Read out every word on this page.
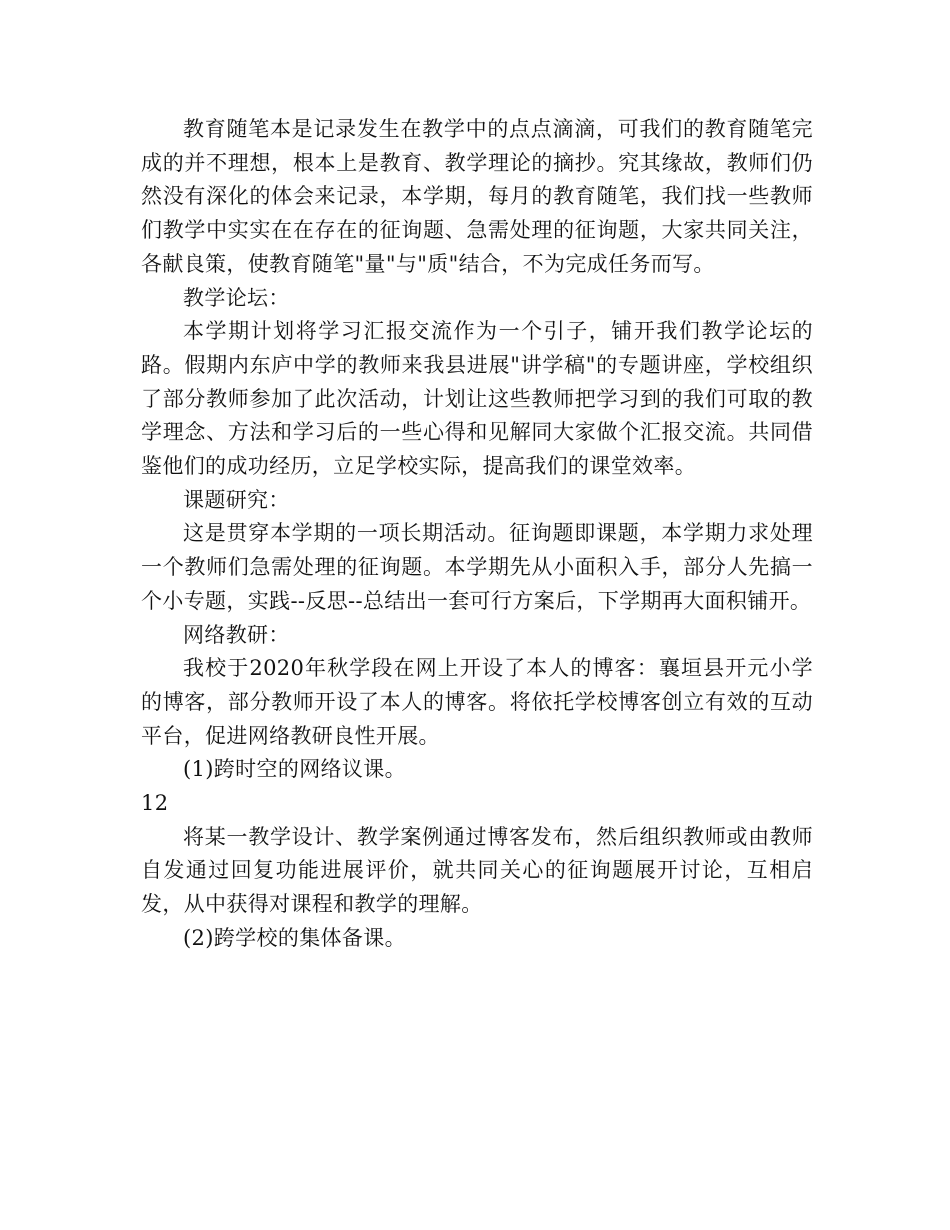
教育随笔本是记录发生在教学中的点点滴滴，可我们的教育随笔完成的并不理想，根本上是教育、教学理论的摘抄。究其缘故，教师们仍然没有深化的体会来记录，本学期，每月的教育随笔，我们找一些教师们教学中实实在在存在的征询题、急需处理的征询题，大家共同关注，各献良策，使教育随笔"量"与"质"结合，不为完成任务而写。

教学论坛：

本学期计划将学习汇报交流作为一个引子，铺开我们教学论坛的路。假期内东庐中学的教师来我县进展"讲学稿"的专题讲座，学校组织了部分教师参加了此次活动，计划让这些教师把学习到的我们可取的教学理念、方法和学习后的一些心得和见解同大家做个汇报交流。共同借鉴他们的成功经历，立足学校实际，提高我们的课堂效率。

课题研究：

这是贯穿本学期的一项长期活动。征询题即课题，本学期力求处理一个教师们急需处理的征询题。本学期先从小面积入手，部分人先搞一个小专题，实践--反思--总结出一套可行方案后，下学期再大面积铺开。

网络教研：

我校于2020年秋学段在网上开设了本人的博客：襄垣县开元小学的博客，部分教师开设了本人的博客。将依托学校博客创立有效的互动平台，促进网络教研良性开展。

(1)跨时空的网络议课。

12

将某一教学设计、教学案例通过博客发布，然后组织教师或由教师自发通过回复功能进展评价，就共同关心的征询题展开讨论，互相启发，从中获得对课程和教学的理解。

(2)跨学校的集体备课。
